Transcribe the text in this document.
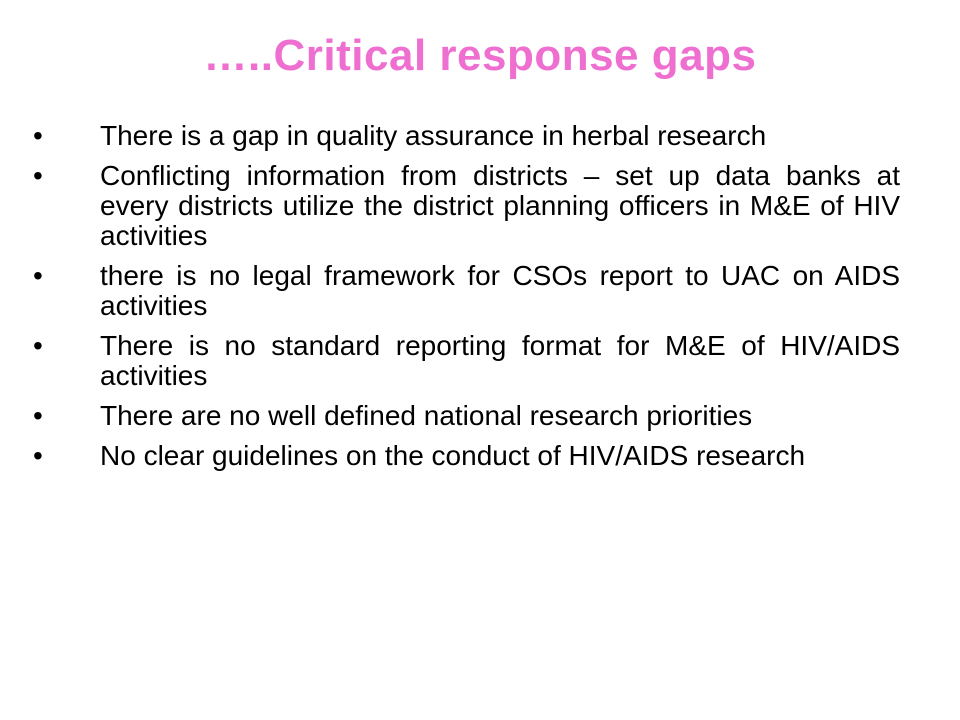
…..Critical response gaps
•	There is a gap in quality assurance in herbal research
•	Conflicting information from districts – set up data banks at every districts utilize the district planning officers in M&E of HIV activities
•	there is no legal framework for CSOs report to UAC on AIDS activities
•	There is no standard reporting format for M&E of HIV/AIDS activities
•	There are no well defined national research priorities
•	No clear guidelines on the conduct of HIV/AIDS research
